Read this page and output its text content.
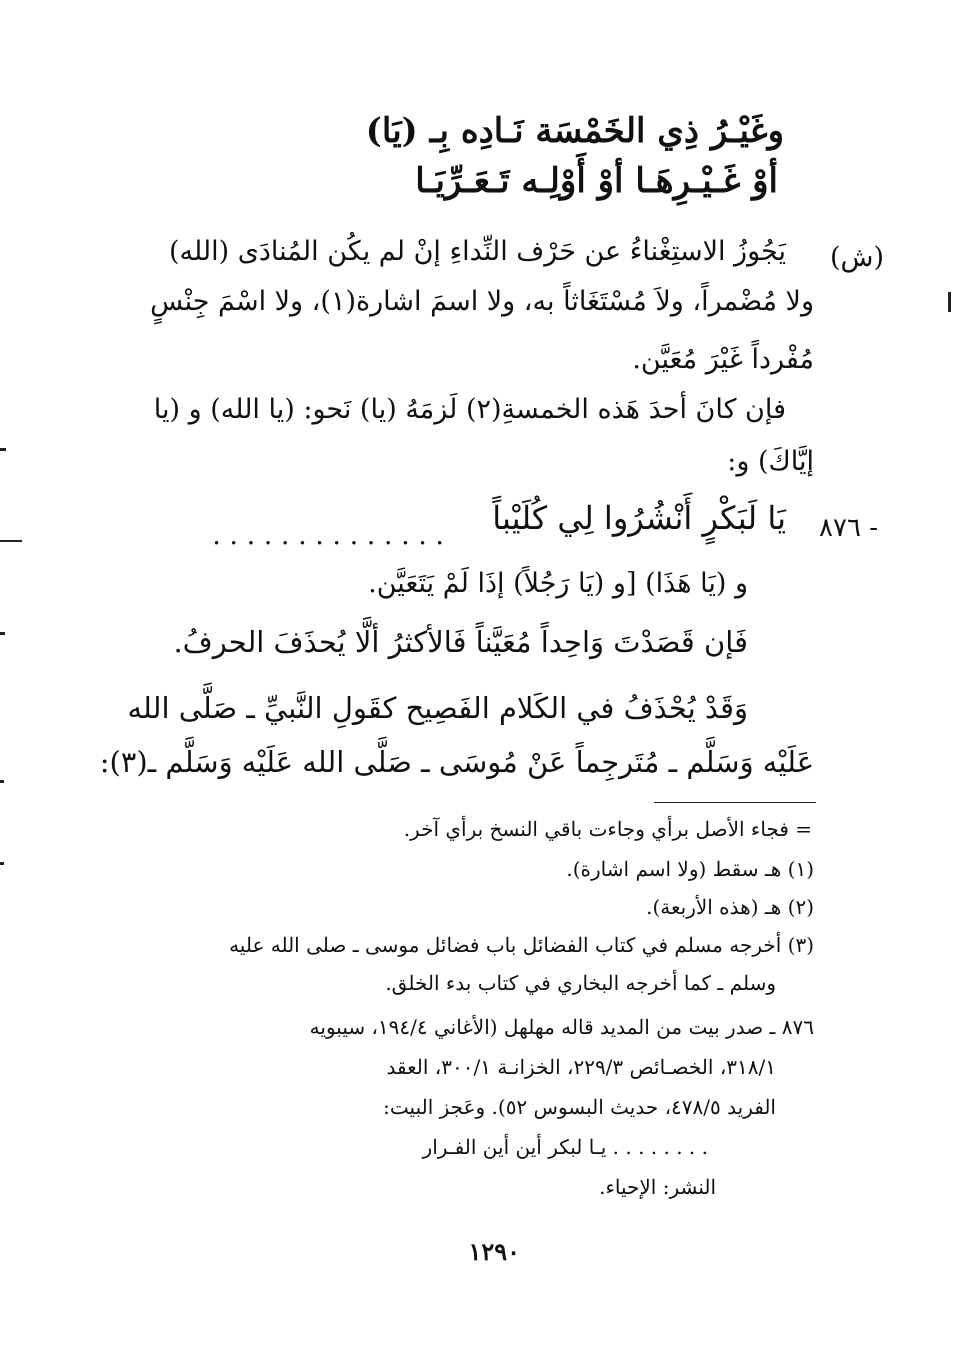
وغَيْـرُ ذِي الخَمْسَة نَـادِه بِـ (يَا)
أوْ غَـيْـرِهَـا أوْ أَوْلِـه تَـعَـرِّيَـا
(ش)
يَجُوزُ الاستِغْناءُ عن حَرْف النِّداءِ إنْ لم يكُن المُنادَى (الله)
ولا مُضْمراً، ولاَ مُسْتَغَاثاً به، ولا اسمَ اشارة(١)، ولا اسْمَ جِنْسٍ
مُفْرداً غَيْرَ مُعَيَّن.
فإن كانَ أحدَ هَذه الخمسةِ(٢) لَزمَهُ (يا) نَحو: (يا الله) و (يا
إيَّاكَ) و:
٨٧٦ -
يَا لَبَكْرٍ أَنْشُرُوا لِي كُلَيْباً
. . . . . . . . . . . . . .
و (يَا هَذَا) [و (يَا رَجُلاً) إذَا لَمْ يَتَعَيَّن.
فَإن قَصَدْتَ وَاحِداً مُعَيَّناً فَالأكثرُ ألَّا يُحذَفَ الحرفُ.
وَقَدْ يُحْذَفُ في الكَلام الفَصِيح كقَولِ النَّبيِّ ـ صَلَّى الله
عَلَيْه وَسَلَّم ـ مُتَرجِماً عَنْ مُوسَى ـ صَلَّى الله عَلَيْه وَسَلَّم ـ(٣):
= فجاء الأصل برأي وجاءت باقي النسخ برأي آخر.
(١) هـ سقط (ولا اسم اشارة).
(٢) هـ (هذه الأربعة).
(٣) أخرجه مسلم في كتاب الفضائل باب فضائل موسى ـ صلى الله عليه
وسلم ـ كما أخرجه البخاري في كتاب بدء الخلق.
٨٧٦ ـ صدر بيت من المديد قاله مهلهل (الأغاني ١٩٤/٤، سيبويه
٣١٨/١، الخصـائص ٢٢٩/٣، الخزانـة ٣٠٠/١، العقد
الفريد ٤٧٨/٥، حديث البسوس ٥٢). وعَجز البيت:
. . . . . . . . يـا لبكر أين أين الفـرار
النشر: الإحياء.
١٢٩٠
